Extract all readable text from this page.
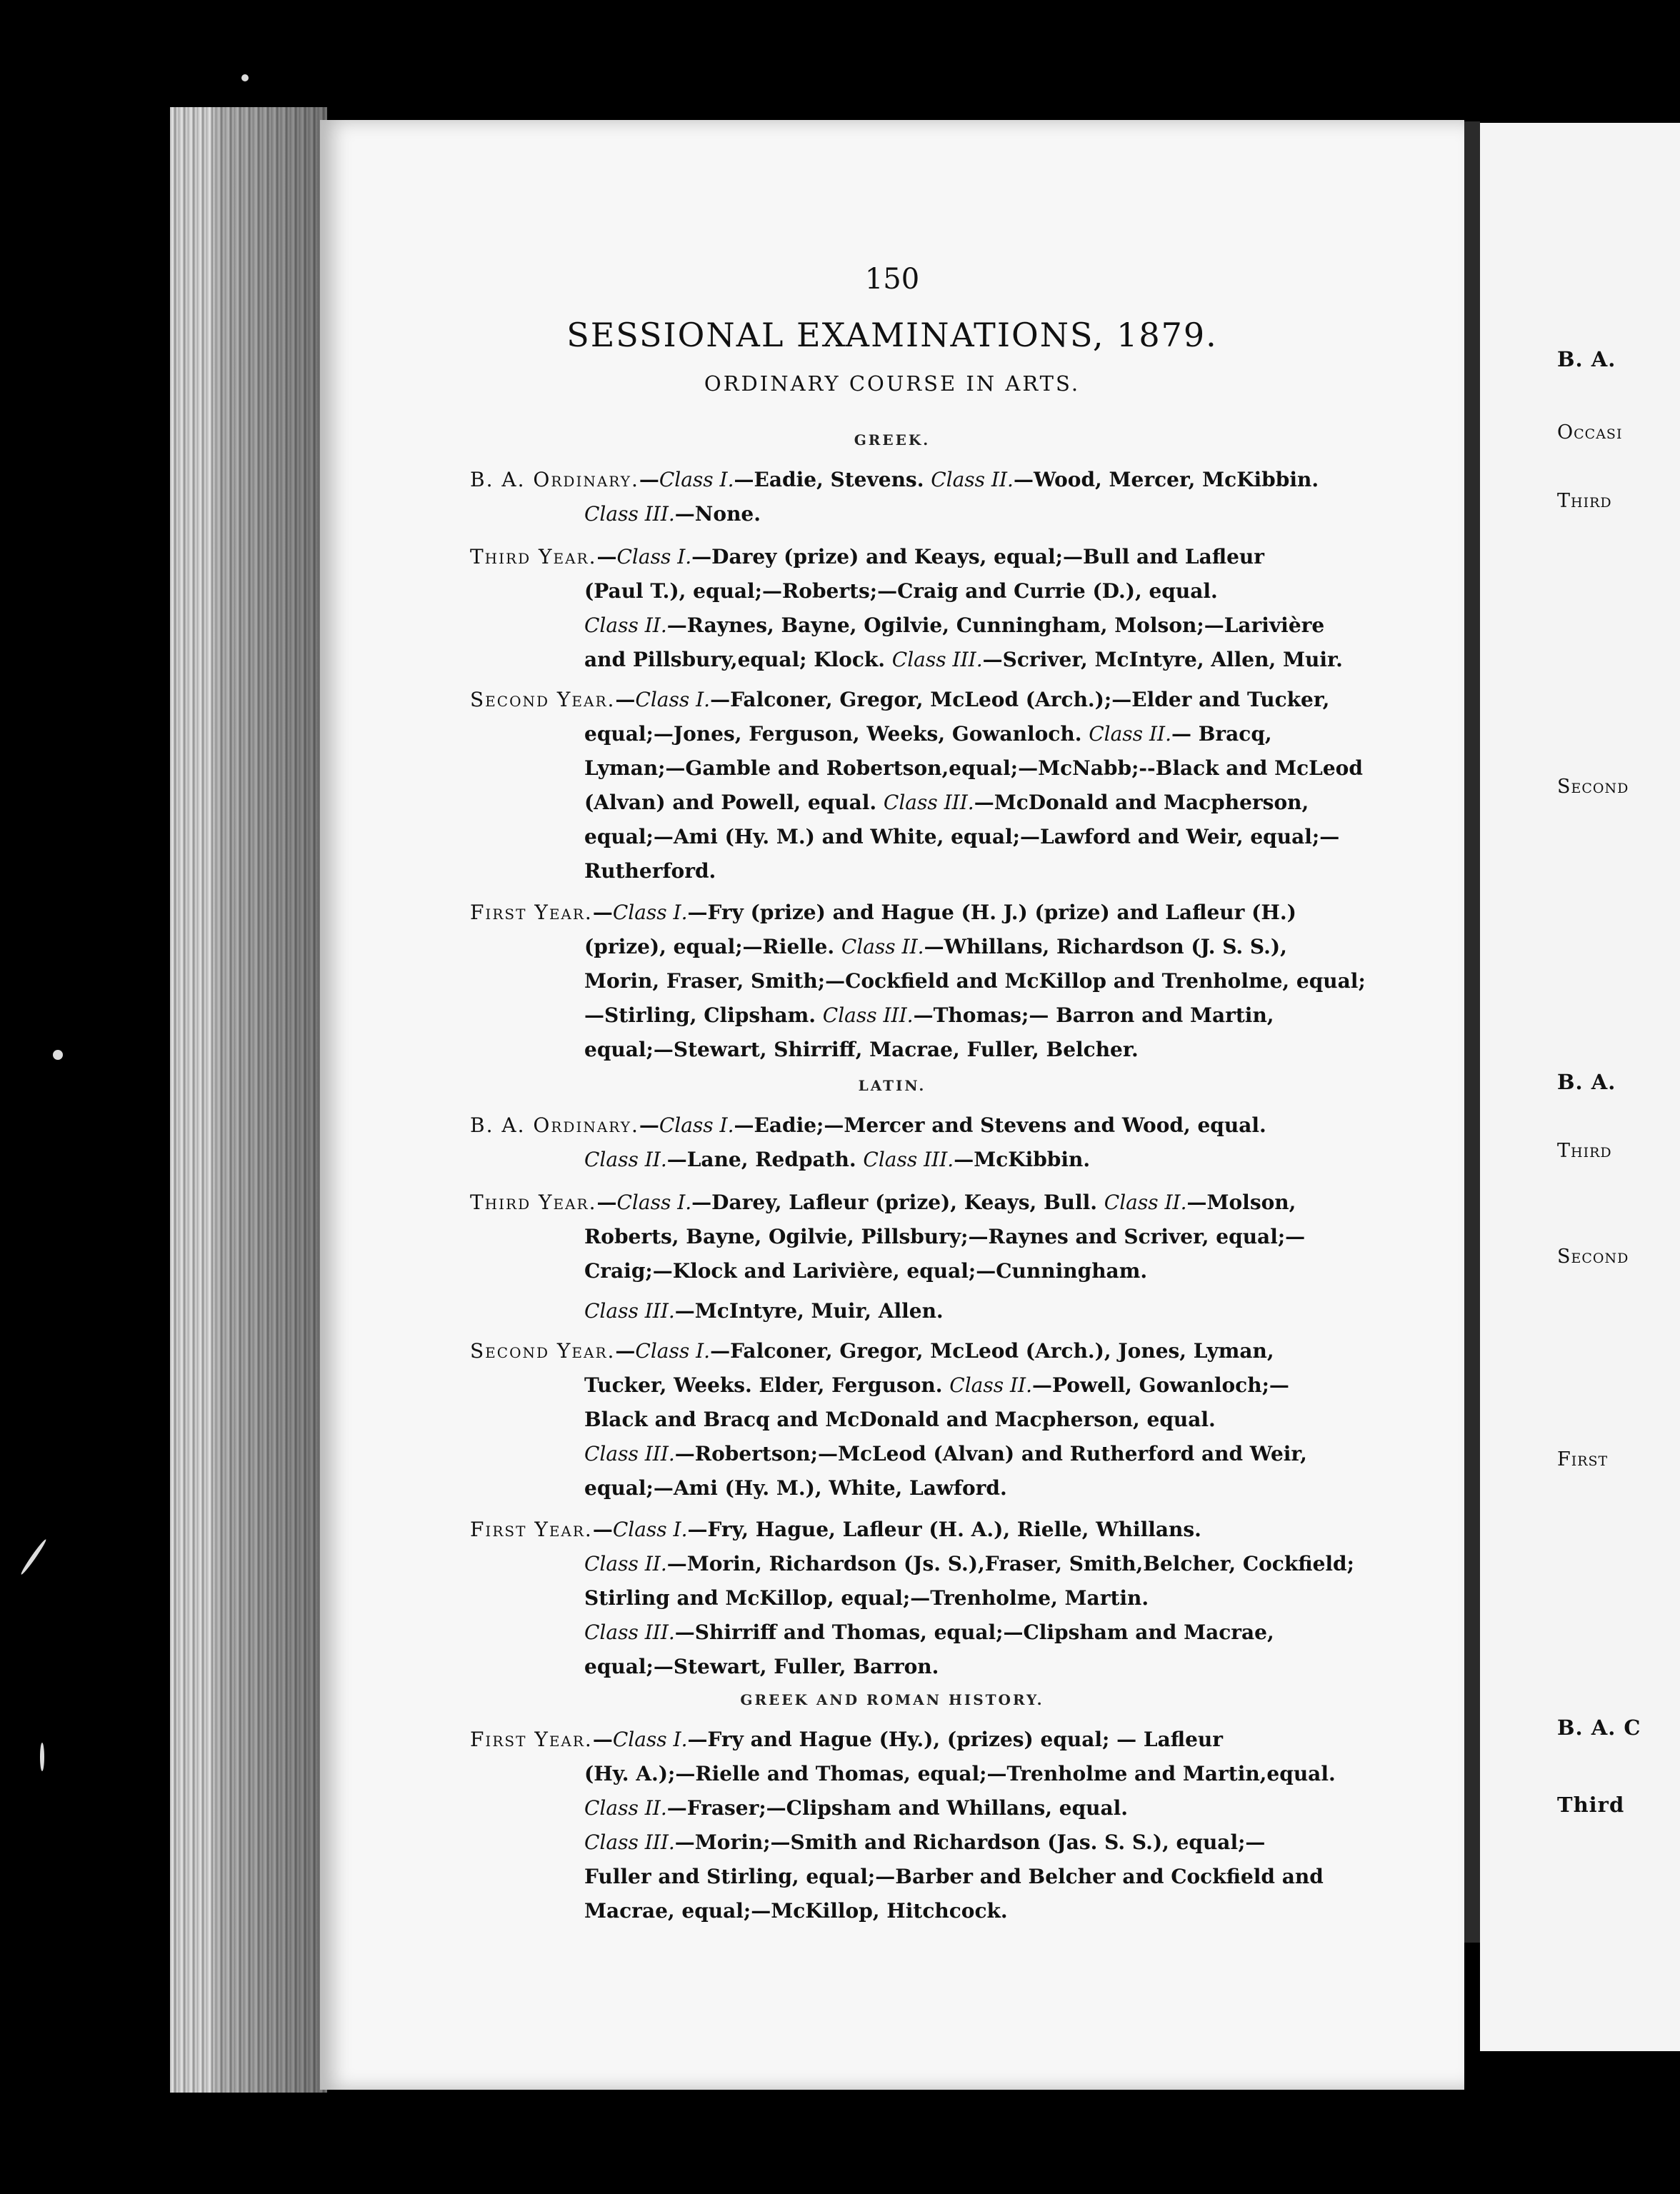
B. A.
Occasi
Third
Second
B. A.
Third
Second
First
B. A. C
Third
150
SESSIONAL EXAMINATIONS, 1879.
ORDINARY COURSE IN ARTS.
GREEK.
B. A. Ordinary.—Class I.—Eadie, Stevens. Class II.—Wood, Mercer, McKibbin.
Class III.—None.
Third Year.—Class I.—Darey (prize) and Keays, equal;—Bull and Lafleur
(Paul T.), equal;—Roberts;—Craig and Currie (D.), equal.
Class II.—Raynes, Bayne, Ogilvie, Cunningham, Molson;—Larivière
and Pillsbury,equal; Klock. Class III.—Scriver, McIntyre, Allen, Muir.
Second Year.—Class I.—Falconer, Gregor, McLeod (Arch.);—Elder and Tucker,
equal;—Jones, Ferguson, Weeks, Gowanloch. Class II.— Bracq,
Lyman;—Gamble and Robertson,equal;—McNabb;--Black and McLeod
(Alvan) and Powell, equal. Class III.—McDonald and Macpherson,
equal;—Ami (Hy. M.) and White, equal;—Lawford and Weir, equal;—
Rutherford.
First Year.—Class I.—Fry (prize) and Hague (H. J.) (prize) and Lafleur (H.)
(prize), equal;—Rielle. Class II.—Whillans, Richardson (J. S. S.),
Morin, Fraser, Smith;—Cockfield and McKillop and Trenholme, equal;
—Stirling, Clipsham. Class III.—Thomas;— Barron and Martin,
equal;—Stewart, Shirriff, Macrae, Fuller, Belcher.
LATIN.
B. A. Ordinary.—Class I.—Eadie;—Mercer and Stevens and Wood, equal.
Class II.—Lane, Redpath. Class III.—McKibbin.
Third Year.—Class I.—Darey, Lafleur (prize), Keays, Bull. Class II.—Molson,
Roberts, Bayne, Ogilvie, Pillsbury;—Raynes and Scriver, equal;—
Craig;—Klock and Larivière, equal;—Cunningham.
Class III.—McIntyre, Muir, Allen.
Second Year.—Class I.—Falconer, Gregor, McLeod (Arch.), Jones, Lyman,
Tucker, Weeks. Elder, Ferguson. Class II.—Powell, Gowanloch;—
Black and Bracq and McDonald and Macpherson, equal.
Class III.—Robertson;—McLeod (Alvan) and Rutherford and Weir,
equal;—Ami (Hy. M.), White, Lawford.
First Year.—Class I.—Fry, Hague, Lafleur (H. A.), Rielle, Whillans.
Class II.—Morin, Richardson (Js. S.),Fraser, Smith,Belcher, Cockfield;
Stirling and McKillop, equal;—Trenholme, Martin.
Class III.—Shirriff and Thomas, equal;—Clipsham and Macrae,
equal;—Stewart, Fuller, Barron.
GREEK AND ROMAN HISTORY.
First Year.—Class I.—Fry and Hague (Hy.), (prizes) equal; — Lafleur
(Hy. A.);—Rielle and Thomas, equal;—Trenholme and Martin,equal.
Class II.—Fraser;—Clipsham and Whillans, equal.
Class III.—Morin;—Smith and Richardson (Jas. S. S.), equal;—
Fuller and Stirling, equal;—Barber and Belcher and Cockfield and
Macrae, equal;—McKillop, Hitchcock.
